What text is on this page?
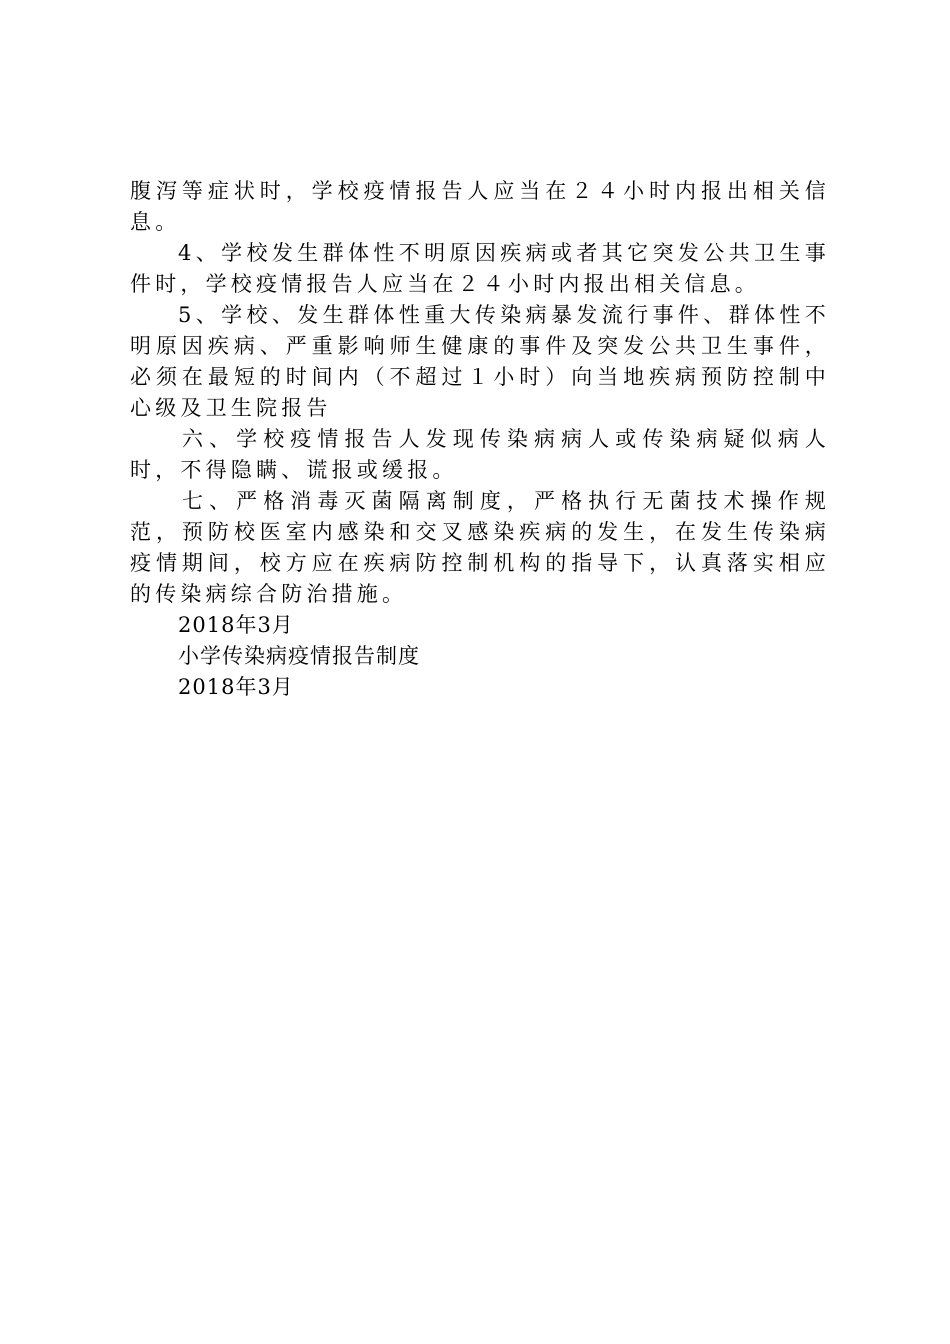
腹泻等症状时，学校疫情报告人应当在２４小时内报出相关信息。

4、学校发生群体性不明原因疾病或者其它突发公共卫生事件时，学校疫情报告人应当在２４小时内报出相关信息。

5、学校、发生群体性重大传染病暴发流行事件、群体性不明原因疾病、严重影响师生健康的事件及突发公共卫生事件，必须在最短的时间内（不超过１小时）向当地疾病预防控制中心级及卫生院报告

六、学校疫情报告人发现传染病病人或传染病疑似病人时，不得隐瞒、谎报或缓报。

七、严格消毒灭菌隔离制度，严格执行无菌技术操作规范，预防校医室内感染和交叉感染疾病的发生，在发生传染病疫情期间，校方应在疾病防控制机构的指导下，认真落实相应的传染病综合防治措施。

2018年3月

小学传染病疫情报告制度

2018年3月
